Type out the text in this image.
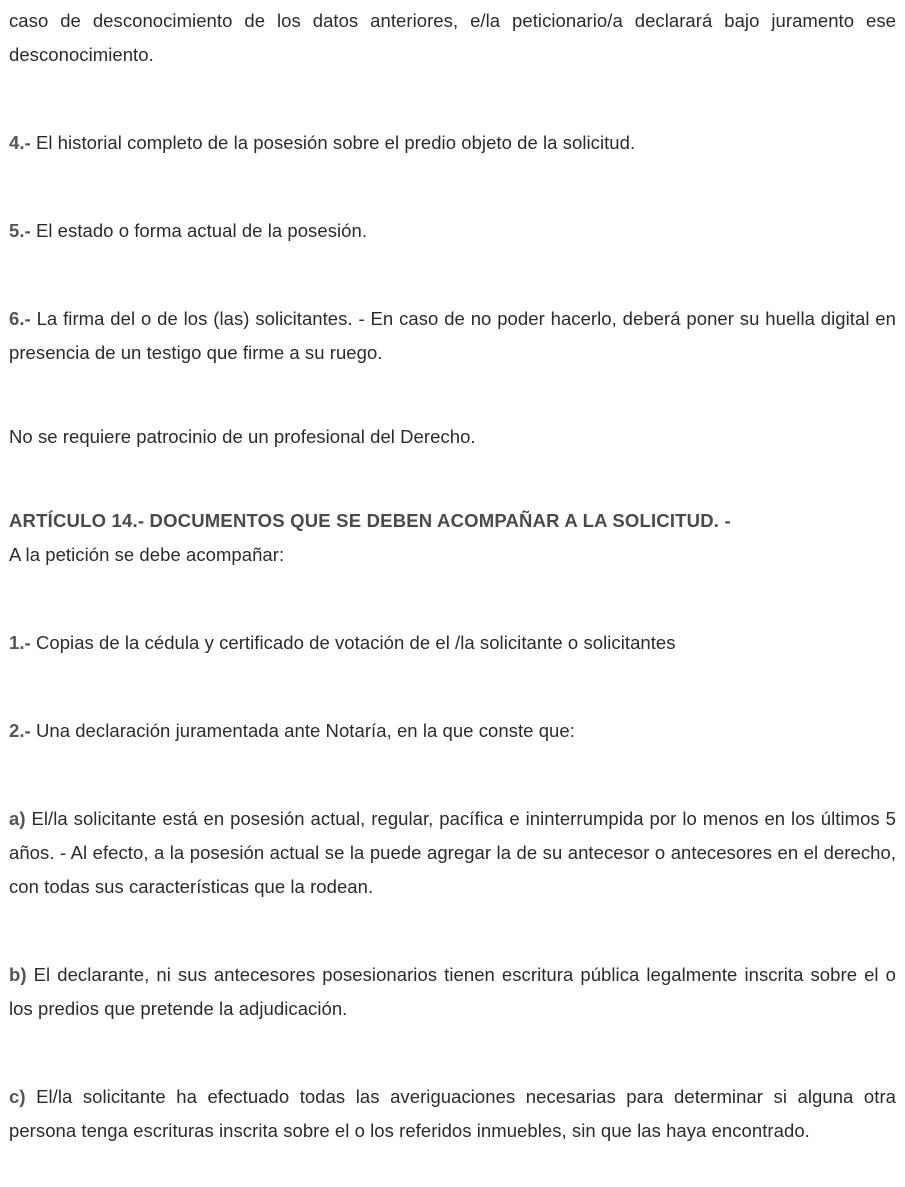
caso de desconocimiento de los datos anteriores, e/la peticionario/a declarará bajo juramento ese desconocimiento.

4.- El historial completo de la posesión sobre el predio objeto de la solicitud.

5.- El estado o forma actual de la posesión.

6.- La firma del o de los (las) solicitantes. - En caso de no poder hacerlo, deberá poner su huella digital en presencia de un testigo que firme a su ruego.

No se requiere patrocinio de un profesional del Derecho.

ARTÍCULO 14.- DOCUMENTOS QUE SE DEBEN ACOMPAÑAR A LA SOLICITUD. -
A la petición se debe acompañar:

1.- Copias de la cédula y certificado de votación de el /la solicitante o solicitantes

2.- Una declaración juramentada ante Notaría, en la que conste que:

a) El/la solicitante está en posesión actual, regular, pacífica e ininterrumpida por lo menos en los últimos 5 años. - Al efecto, a la posesión actual se la puede agregar la de su antecesor o antecesores en el derecho, con todas sus características que la rodean.

b) El declarante, ni sus antecesores posesionarios tienen escritura pública legalmente inscrita sobre el o los predios que pretende la adjudicación.

c) El/la solicitante ha efectuado todas las averiguaciones necesarias para determinar si alguna otra persona tenga escrituras inscrita sobre el o los referidos inmuebles, sin que las haya encontrado.
